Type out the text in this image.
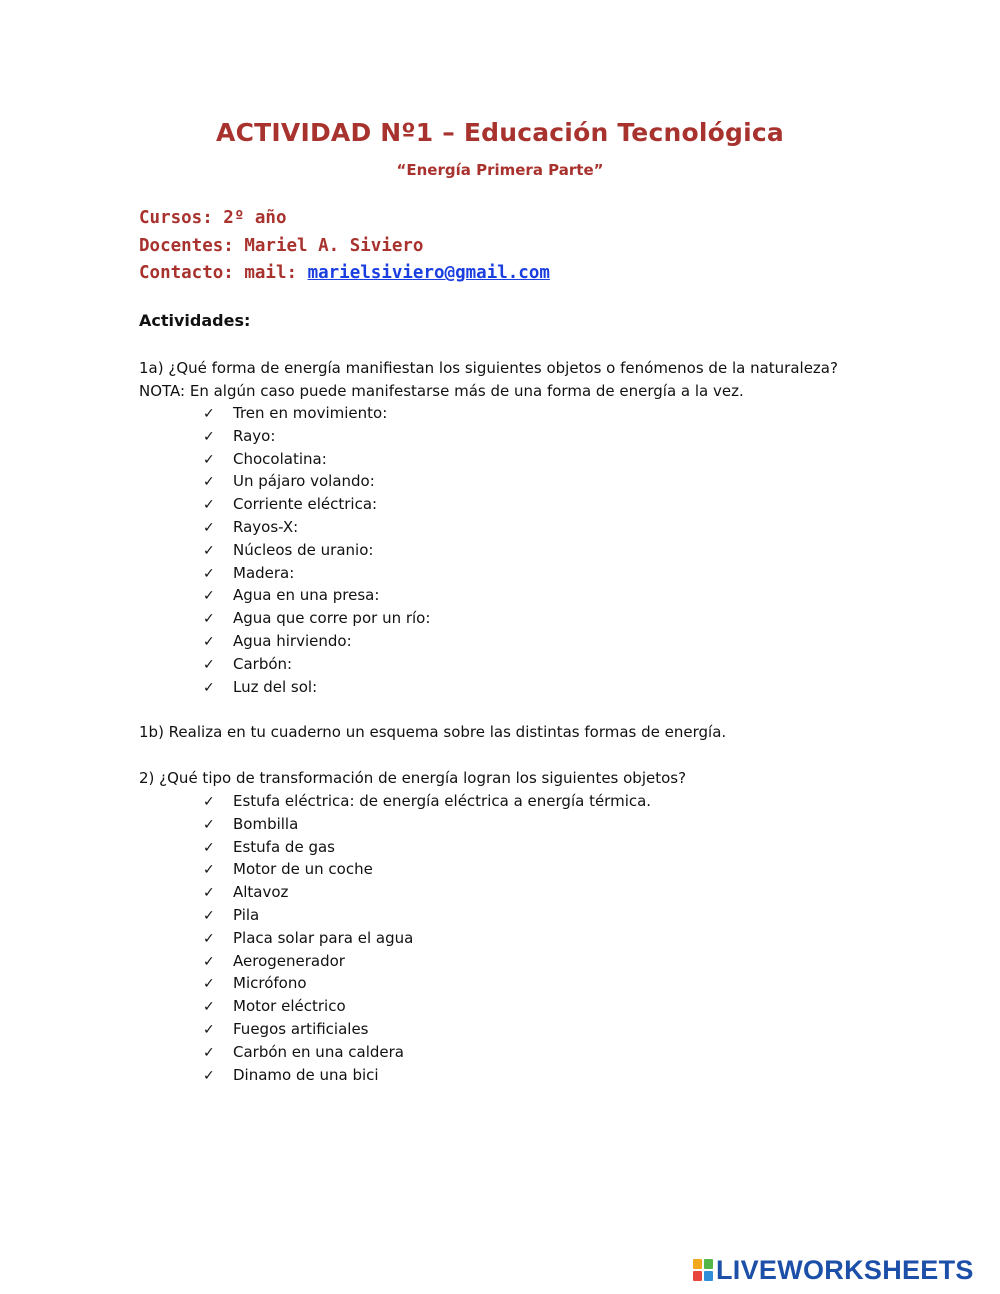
ACTIVIDAD Nº1 – Educación Tecnológica

“Energía Primera Parte”

Cursos: 2º año
Docentes: Mariel A. Siviero
Contacto: mail: marielsiviero@gmail.com

Actividades:

1a) ¿Qué forma de energía manifiestan los siguientes objetos o fenómenos de la naturaleza?
NOTA: En algún caso puede manifestarse más de una forma de energía a la vez.
✓ Tren en movimiento:
✓ Rayo:
✓ Chocolatina:
✓ Un pájaro volando:
✓ Corriente eléctrica:
✓ Rayos-X:
✓ Núcleos de uranio:
✓ Madera:
✓ Agua en una presa:
✓ Agua que corre por un río:
✓ Agua hirviendo:
✓ Carbón:
✓ Luz del sol:
1b) Realiza en tu cuaderno un esquema sobre las distintas formas de energía.
2) ¿Qué tipo de transformación de energía logran los siguientes objetos?
✓ Estufa eléctrica: de energía eléctrica a energía térmica.
✓ Bombilla
✓ Estufa de gas
✓ Motor de un coche
✓ Altavoz
✓ Pila
✓ Placa solar para el agua
✓ Aerogenerador
✓ Micrófono
✓ Motor eléctrico
✓ Fuegos artificiales
✓ Carbón en una caldera
✓ Dinamo de una bici
LIVEWORKSHEETS
